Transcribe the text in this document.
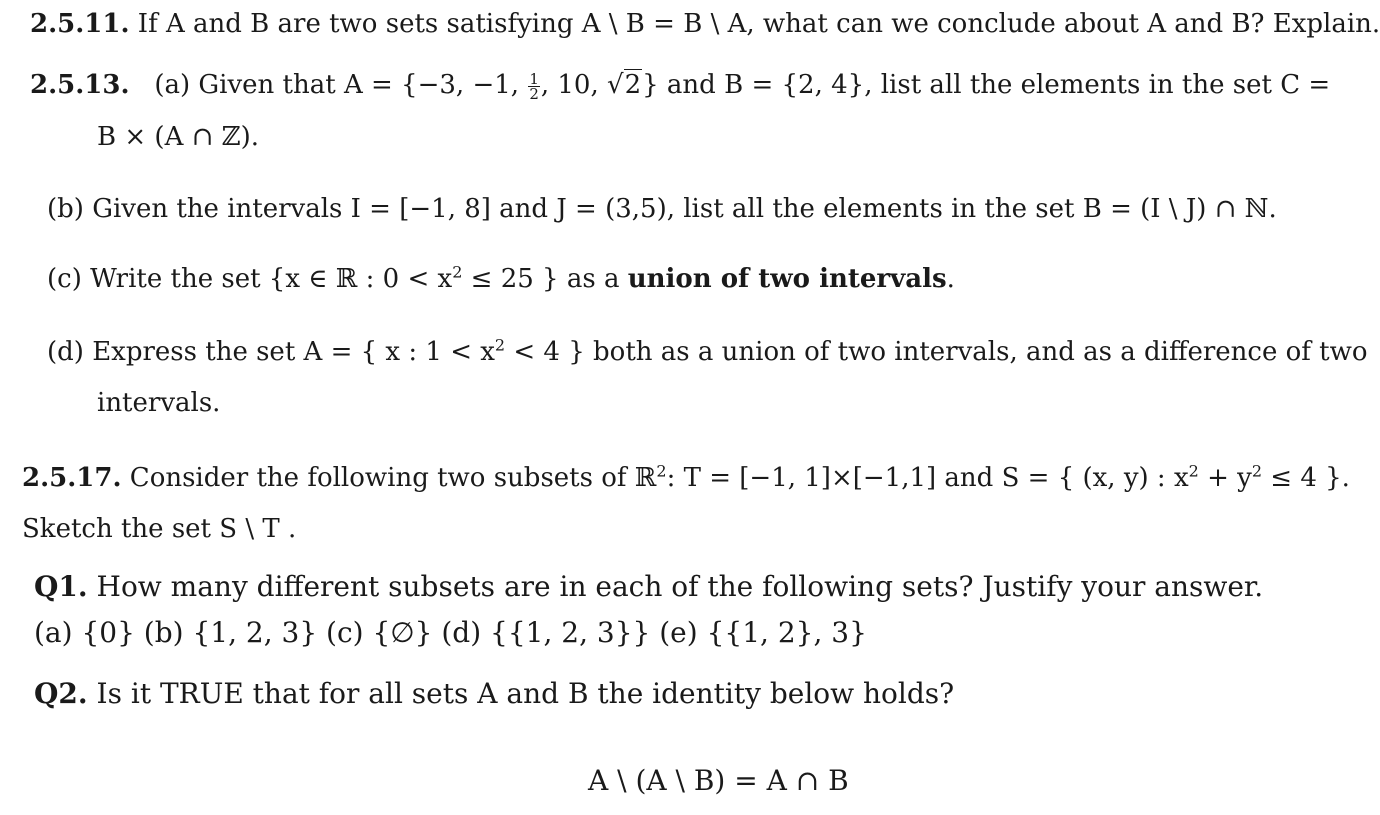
2.5.11. If A and B are two sets satisfying A \ B = B \ A, what can we conclude about A and B? Explain.
2.5.13. (a) Given that A = {−3, −1, $\frac{1}{2}$ , 10, √2} and B = {2, 4}, list all the elements in the set C =
B × (A ∩ ℤ).
(b) Given the intervals I = [−1, 8] and J = (3,5), list all the elements in the set B = (I \ J) ∩ ℕ.
(c) Write the set {x ∈ ℝ : $0 < x^2 \le 25$ } as a union of two intervals.
(d) Express the set A = { x : $1 < x^2 < 4$ } both as a union of two intervals, and as a difference of two
intervals.
2.5.17. Consider the following two subsets of ℝ$^2$: T = [−1, 1]×[−1,1] and S = { (x, y) : $x^2 + y^2 \le 4$ }.
Sketch the set S \ T .
Q1. How many different subsets are in each of the following sets? Justify your answer.
(a) {0} (b) {1, 2, 3} (c) {∅} (d) {{1, 2, 3}} (e) {{1, 2}, 3}
Q2. Is it TRUE that for all sets A and B the identity below holds?
A \ (A \ B) = A ∩ B
